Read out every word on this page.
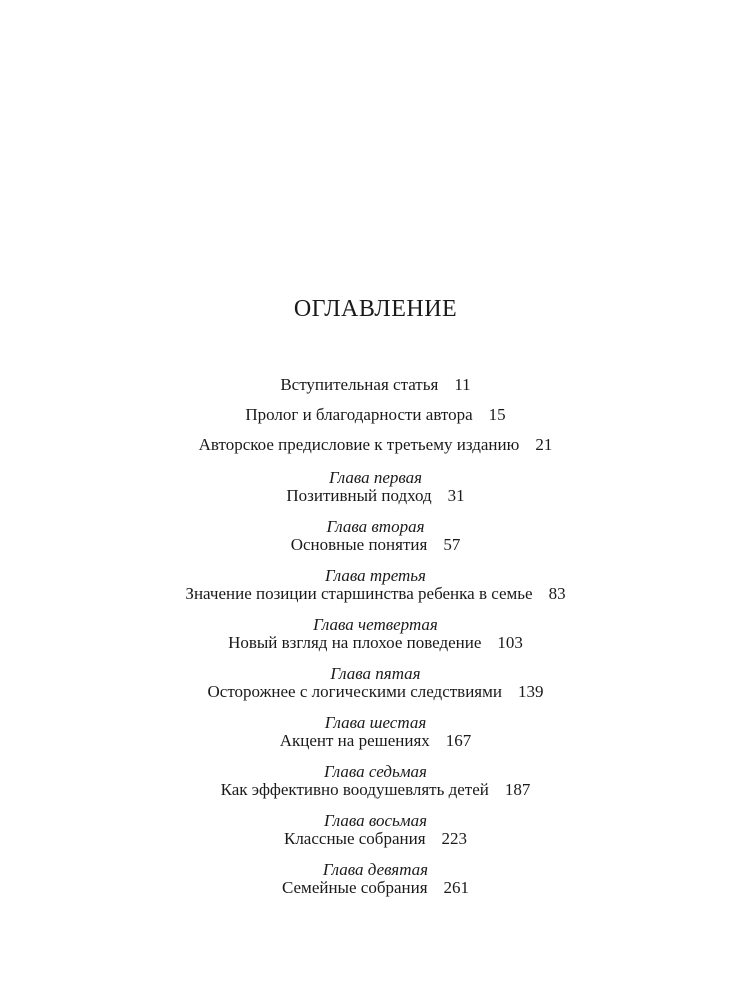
ОГЛАВЛЕНИЕ
Вступительная статья 11
Пролог и благодарности автора 15
Авторское предисловие к третьему изданию 21
Глава первая
Позитивный подход 31
Глава вторая
Основные понятия 57
Глава третья
Значение позиции старшинства ребенка в семье 83
Глава четвертая
Новый взгляд на плохое поведение 103
Глава пятая
Осторожнее с логическими следствиями 139
Глава шестая
Акцент на решениях 167
Глава седьмая
Как эффективно воодушевлять детей 187
Глава восьмая
Классные собрания 223
Глава девятая
Семейные собрания 261
